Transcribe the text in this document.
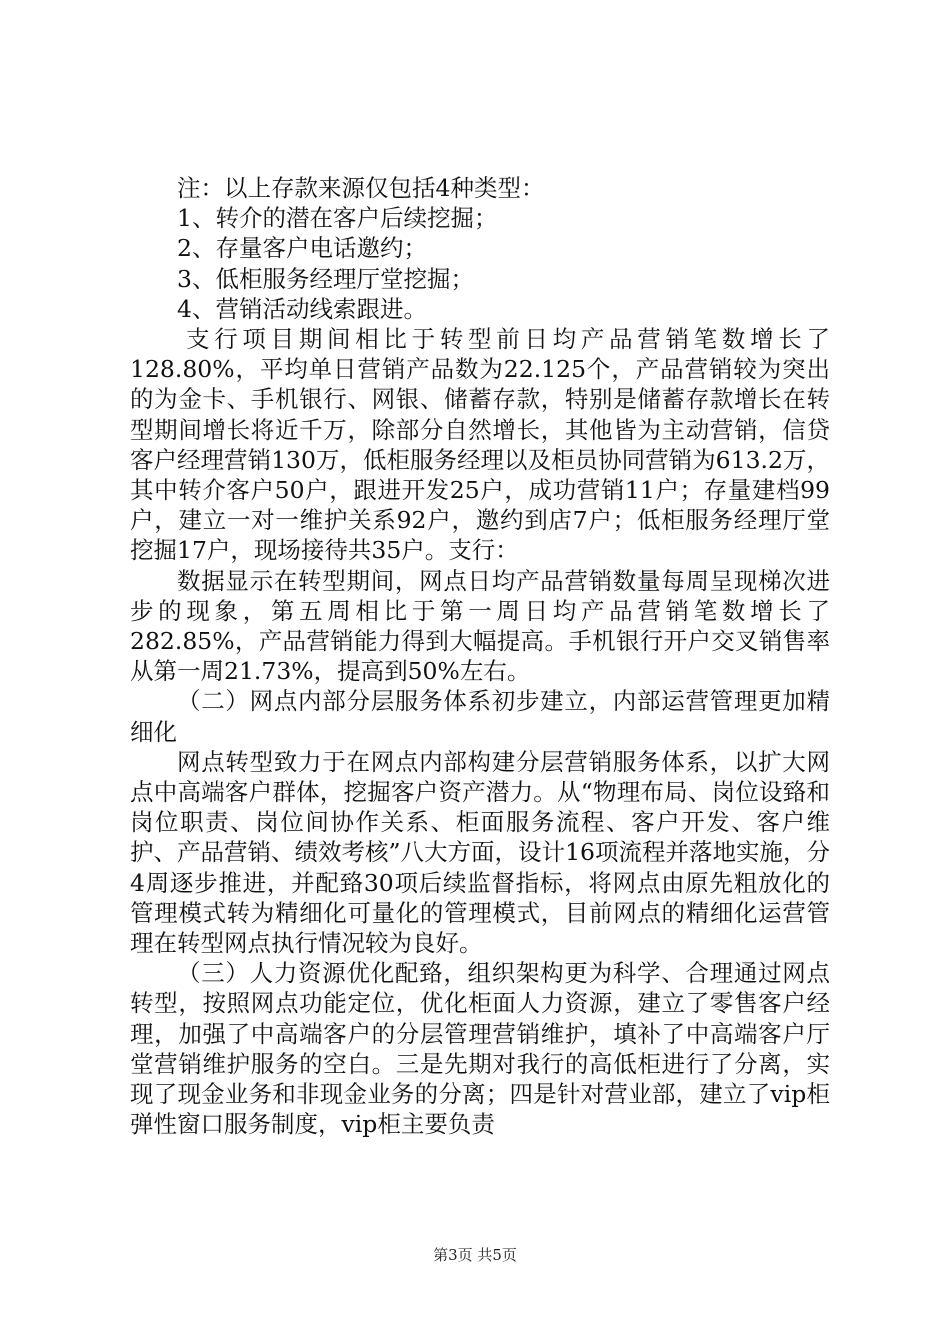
注：以上存款来源仅包括4种类型：

1、转介的潜在客户后续挖掘；

2、存量客户电话邀约；

3、低柜服务经理厅堂挖掘；

4、营销活动线索跟进。

支行项目期间相比于转型前日均产品营销笔数增长了128.80%，平均单日营销产品数为22.125个，产品营销较为突出的为金卡、手机银行、网银、储蓄存款，特别是储蓄存款增长在转型期间增长将近千万，除部分自然增长，其他皆为主动营销，信贷客户经理营销130万，低柜服务经理以及柜员协同营销为613.2万，其中转介客户50户，跟进开发25户，成功营销11户；存量建档99户，建立一对一维护关系92户，邀约到店7户；低柜服务经理厅堂挖掘17户，现场接待共35户。支行：

数据显示在转型期间，网点日均产品营销数量每周呈现梯次进步的现象，第五周相比于第一周日均产品营销笔数增长了282.85%，产品营销能力得到大幅提高。手机银行开户交叉销售率从第一周21.73%，提高到50%左右。

（二）网点内部分层服务体系初步建立，内部运营管理更加精细化

网点转型致力于在网点内部构建分层营销服务体系，以扩大网点中高端客户群体，挖掘客户资产潜力。从“物理布局、岗位设臵和岗位职责、岗位间协作关系、柜面服务流程、客户开发、客户维护、产品营销、绩效考核”八大方面，设计16项流程并落地实施，分4周逐步推进，并配臵30项后续监督指标，将网点由原先粗放化的管理模式转为精细化可量化的管理模式，目前网点的精细化运营管理在转型网点执行情况较为良好。

（三）人力资源优化配臵，组织架构更为科学、合理通过网点转型，按照网点功能定位，优化柜面人力资源，建立了零售客户经理，加强了中高端客户的分层管理营销维护，填补了中高端客户厅堂营销维护服务的空白。三是先期对我行的高低柜进行了分离，实现了现金业务和非现金业务的分离；四是针对营业部，建立了vip柜弹性窗口服务制度，vip柜主要负责

第3页 共5页
